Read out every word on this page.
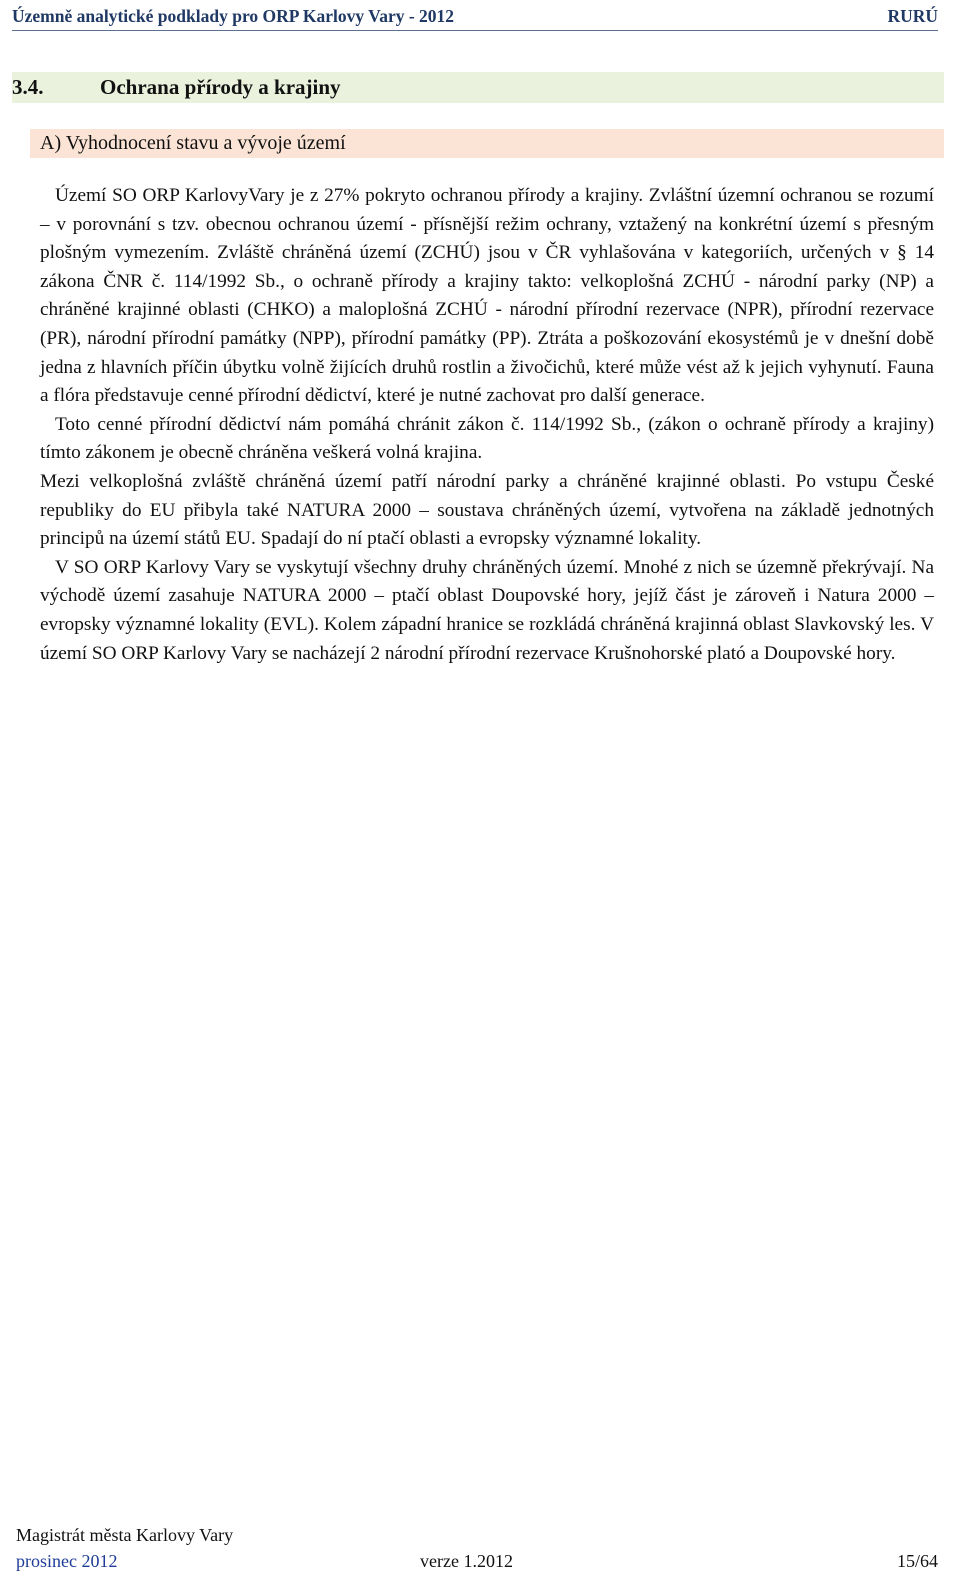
Územně analytické podklady pro ORP Karlovy Vary - 2012	RURÚ
3.4.	Ochrana přírody a krajiny
A) Vyhodnocení stavu a vývoje území

Území SO ORP KarlovyVary je z 27% pokryto ochranou přírody a krajiny. Zvláštní územní ochranou se rozumí – v porovnání s tzv. obecnou ochranou území - přísnější režim ochrany, vztažený na konkrétní území s přesným plošným vymezením. Zvláště chráněná území (ZCHÚ) jsou v ČR vyhlašována v kategoriích, určených v § 14 zákona ČNR č. 114/1992 Sb., o ochraně přírody a krajiny takto: velkoplošná ZCHÚ - národní parky (NP) a chráněné krajinné oblasti (CHKO) a maloplošná ZCHÚ - národní přírodní rezervace (NPR), přírodní rezervace (PR), národní přírodní památky (NPP), přírodní památky (PP). Ztráta a poškozování ekosystémů je v dnešní době jedna z hlavních příčin úbytku volně žijících druhů rostlin a živočichů, které může vést až k jejich vyhynutí. Fauna a flóra představuje cenné přírodní dědictví, které je nutné zachovat pro další generace.

Toto cenné přírodní dědictví nám pomáhá chránit zákon č. 114/1992 Sb., (zákon o ochraně přírody a krajiny) tímto zákonem je obecně chráněna veškerá volná krajina.

Mezi velkoplošná zvláště chráněná území patří národní parky a chráněné krajinné oblasti. Po vstupu České republiky do EU přibyla také NATURA 2000 – soustava chráněných území, vytvořena na základě jednotných principů na území států EU. Spadají do ní ptačí oblasti a evropsky významné lokality.

V SO ORP Karlovy Vary se vyskytují všechny druhy chráněných území. Mnohé z nich se územně překrývají. Na východě území zasahuje NATURA 2000 – ptačí oblast Doupovské hory, jejíž část je zároveň i Natura 2000 – evropsky významné lokality (EVL). Kolem západní hranice se rozkládá chráněná krajinná oblast Slavkovský les. V území SO ORP Karlovy Vary se nacházejí 2 národní přírodní rezervace Krušnohorské plató a Doupovské hory.

Magistrát města Karlovy Vary
prosinec 2012	verze 1.2012	15/64
